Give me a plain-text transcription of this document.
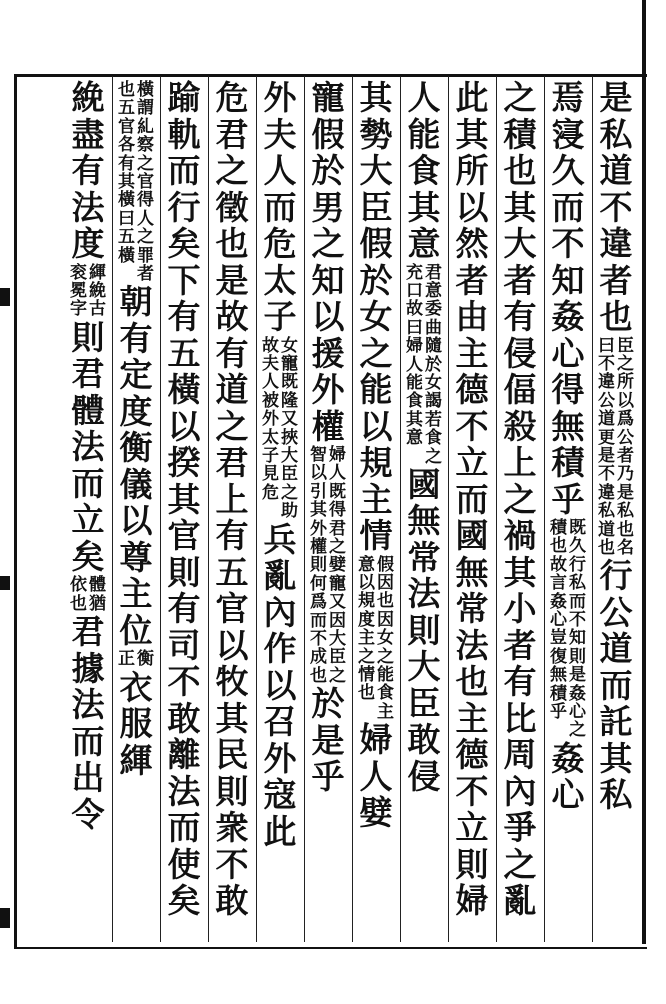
是
私
道
不
違
者
也
臣
之
所
以
爲
公
者
乃
是
私
也
名
曰
不
違
公
道
更
是
不
違
私
道
也
行
公
道
而
託
其
私
焉
寖
久
而
不
知
姦
心
得
無
積
乎
既
久
行
私
而
不
知
則
是
姦
心
之
積
也
故
言
姦
心
豈
復
無
積
乎
姦
心
之
積
也
其
大
者
有
侵
偪
殺
上
之
禍
其
小
者
有
比
周
內
爭
之
亂
此
其
所
以
然
者
由
主
德
不
立
而
國
無
常
法
也
主
德
不
立
則
婦
人
能
食
其
意
君
意
委
曲
隨
於
女
謁
若
食
之
充
口
故
曰
婦
人
能
食
其
意
國
無
常
法
則
大
臣
敢
侵
其
勢
大
臣
假
於
女
之
能
以
規
主
情
假
因
也
因
女
之
能
食
主
意
以
規
度
主
之
情
也
婦
人
嬖
寵
假
於
男
之
知
以
援
外
權
婦
人
既
得
君
之
嬖
寵
又
因
大
臣
之
智
以
引
其
外
權
則
何
爲
而
不
成
也
於
是
乎
外
夫
人
而
危
太
子
女
寵
既
隆
又
挾
大
臣
之
助
故
夫
人
被
外
太
子
見
危
兵
亂
內
作
以
召
外
寇
此
危
君
之
徵
也
是
故
有
道
之
君
上
有
五
官
以
牧
其
民
則
衆
不
敢
踰
軌
而
行
矣
下
有
五
橫
以
揆
其
官
則
有
司
不
敢
離
法
而
使
矣
橫
謂
糺
察
之
官
得
人
之
罪
者
也
五
官
各
有
其
橫
曰
五
橫
朝
有
定
度
衡
儀
以
尊
主
位
衡
正
衣
服
緷
絻
盡
有
法
度
緷
絻
古
衮
冕
字
則
君
體
法
而
立
矣
體
猶
依
也
君
據
法
而
出
令
